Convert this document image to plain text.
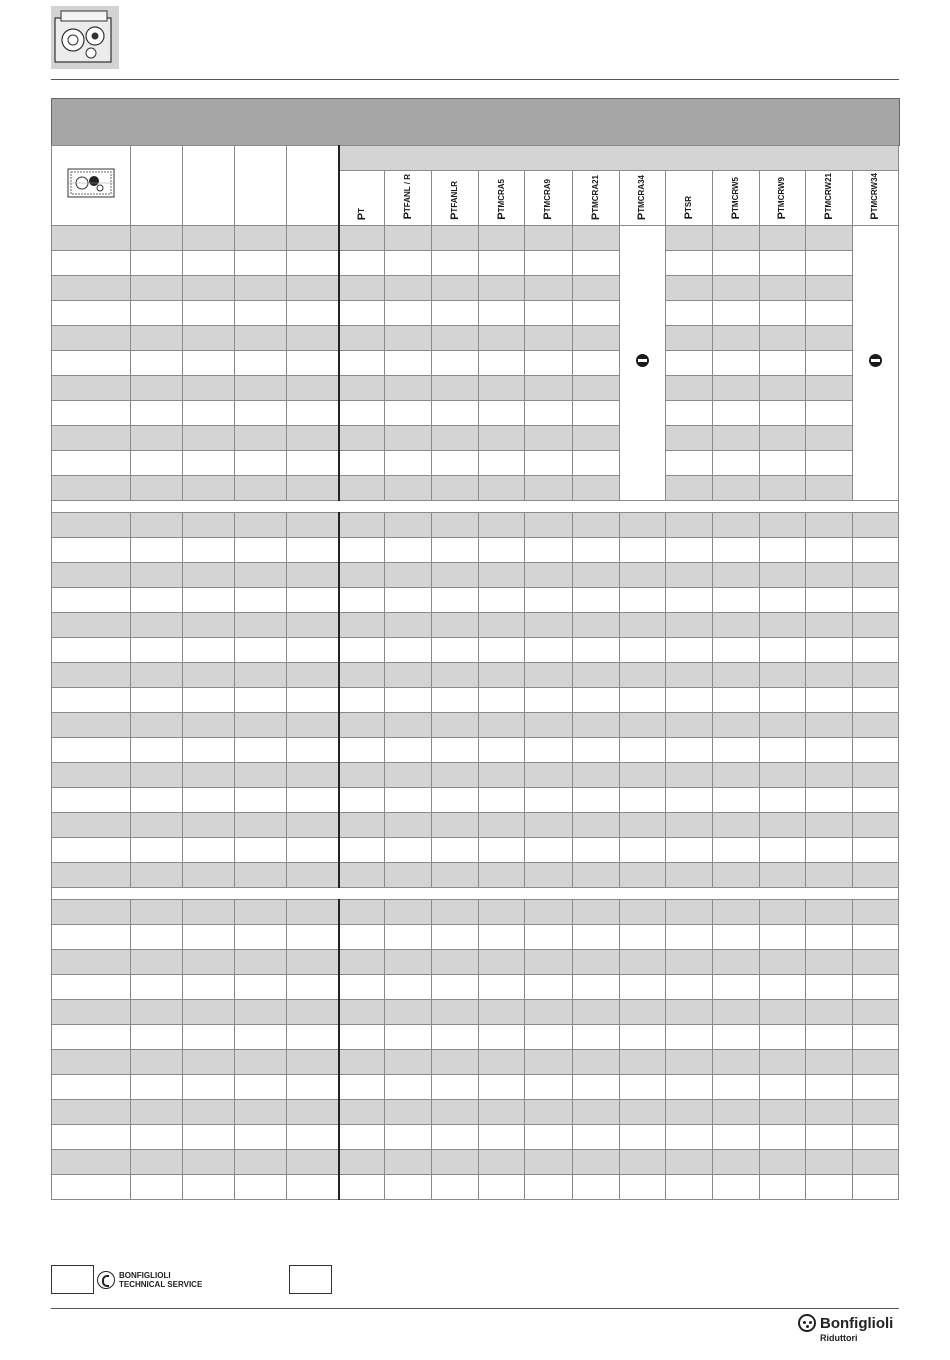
					PT	PTFANL / R	PTFANLR	PTMCRA5	PTMCRA9	PTMCRA21	PTMCRA34	PTSR	PTMCRW5	PTMCRW9	PTMCRW21	PTMCRW34

BONFIGLIOLI
TECHNICAL SERVICE
Bonfiglioli
Riduttori
